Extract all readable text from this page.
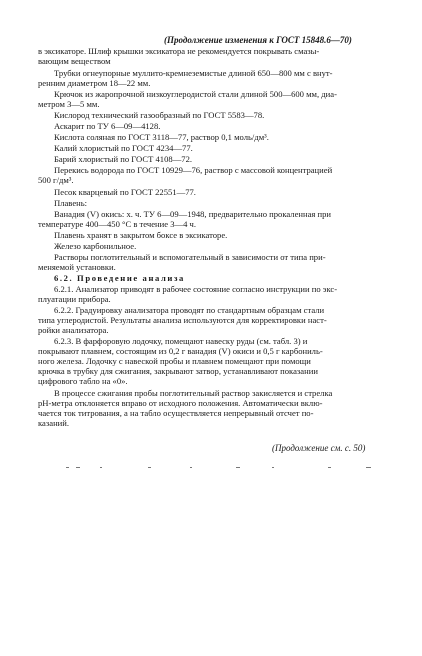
(Продолжение изменения к ГОСТ 15848.6—70)
в эксикаторе. Шлиф крышки эксикатора не рекомендуется покрывать смазы-
вающим веществом
Трубки огнеупорные муллито-кремнеземистые длиной 650—800 мм с внут-
ренним диаметром 18—22 мм.
Крючок из жаропрочной низкоуглеродистой стали длиной 500—600 мм, диа-
метром 3—5 мм.
Кислород технический газообразный по ГОСТ 5583—78.
Аскарит по ТУ 6—09—4128.
Кислота соляная по ГОСТ 3118—77, раствор 0,1 моль/дм³.
Калий хлористый по ГОСТ 4234—77.
Барий хлористый по ГОСТ 4108—72.
Перекись водорода по ГОСТ 10929—76, раствор с массовой концентрацией
500 г/дм³.
Песок кварцевый по ГОСТ 22551—77.
Плавень:
Ванадия (V) окись: х. ч. ТУ 6—09—1948, предварительно прокаленная при
температуре 400—450 °С в течение 3—4 ч.
Плавень хранят в закрытом боксе в эксикаторе.
Железо карбонильное.
Растворы поглотительный и вспомогательный в зависимости от типа при-
меняемой установки.
6.2. Проведение анализа
6.2.1. Анализатор приводят в рабочее состояние согласно инструкции по экс-
плуатации прибора.
6.2.2. Градуировку анализатора проводят по стандартным образцам стали
типа углеродистой. Результаты анализа используются для корректировки наст-
ройки анализатора.
6.2.3. В фарфоровую лодочку, помещают навеску руды (см. табл. 3) и
покрывают плавнем, состоящим из 0,2 г ванадия (V) окиси и 0,5 г карбониль-
ного железа. Лодочку с навеской пробы и плавнем помещают при помощи
крючка в трубку для сжигания, закрывают затвор, устанавливают показании
цифрового табло на «0».
В процессе сжигания пробы поглотительный раствор закисляется и стрелка
рН-метра отклоняется вправо от исходного положения. Автоматически вклю-
чается ток титрования, а на табло осуществляется непрерывный отсчет по-
казаний.
(Продолжение см. с. 50)
